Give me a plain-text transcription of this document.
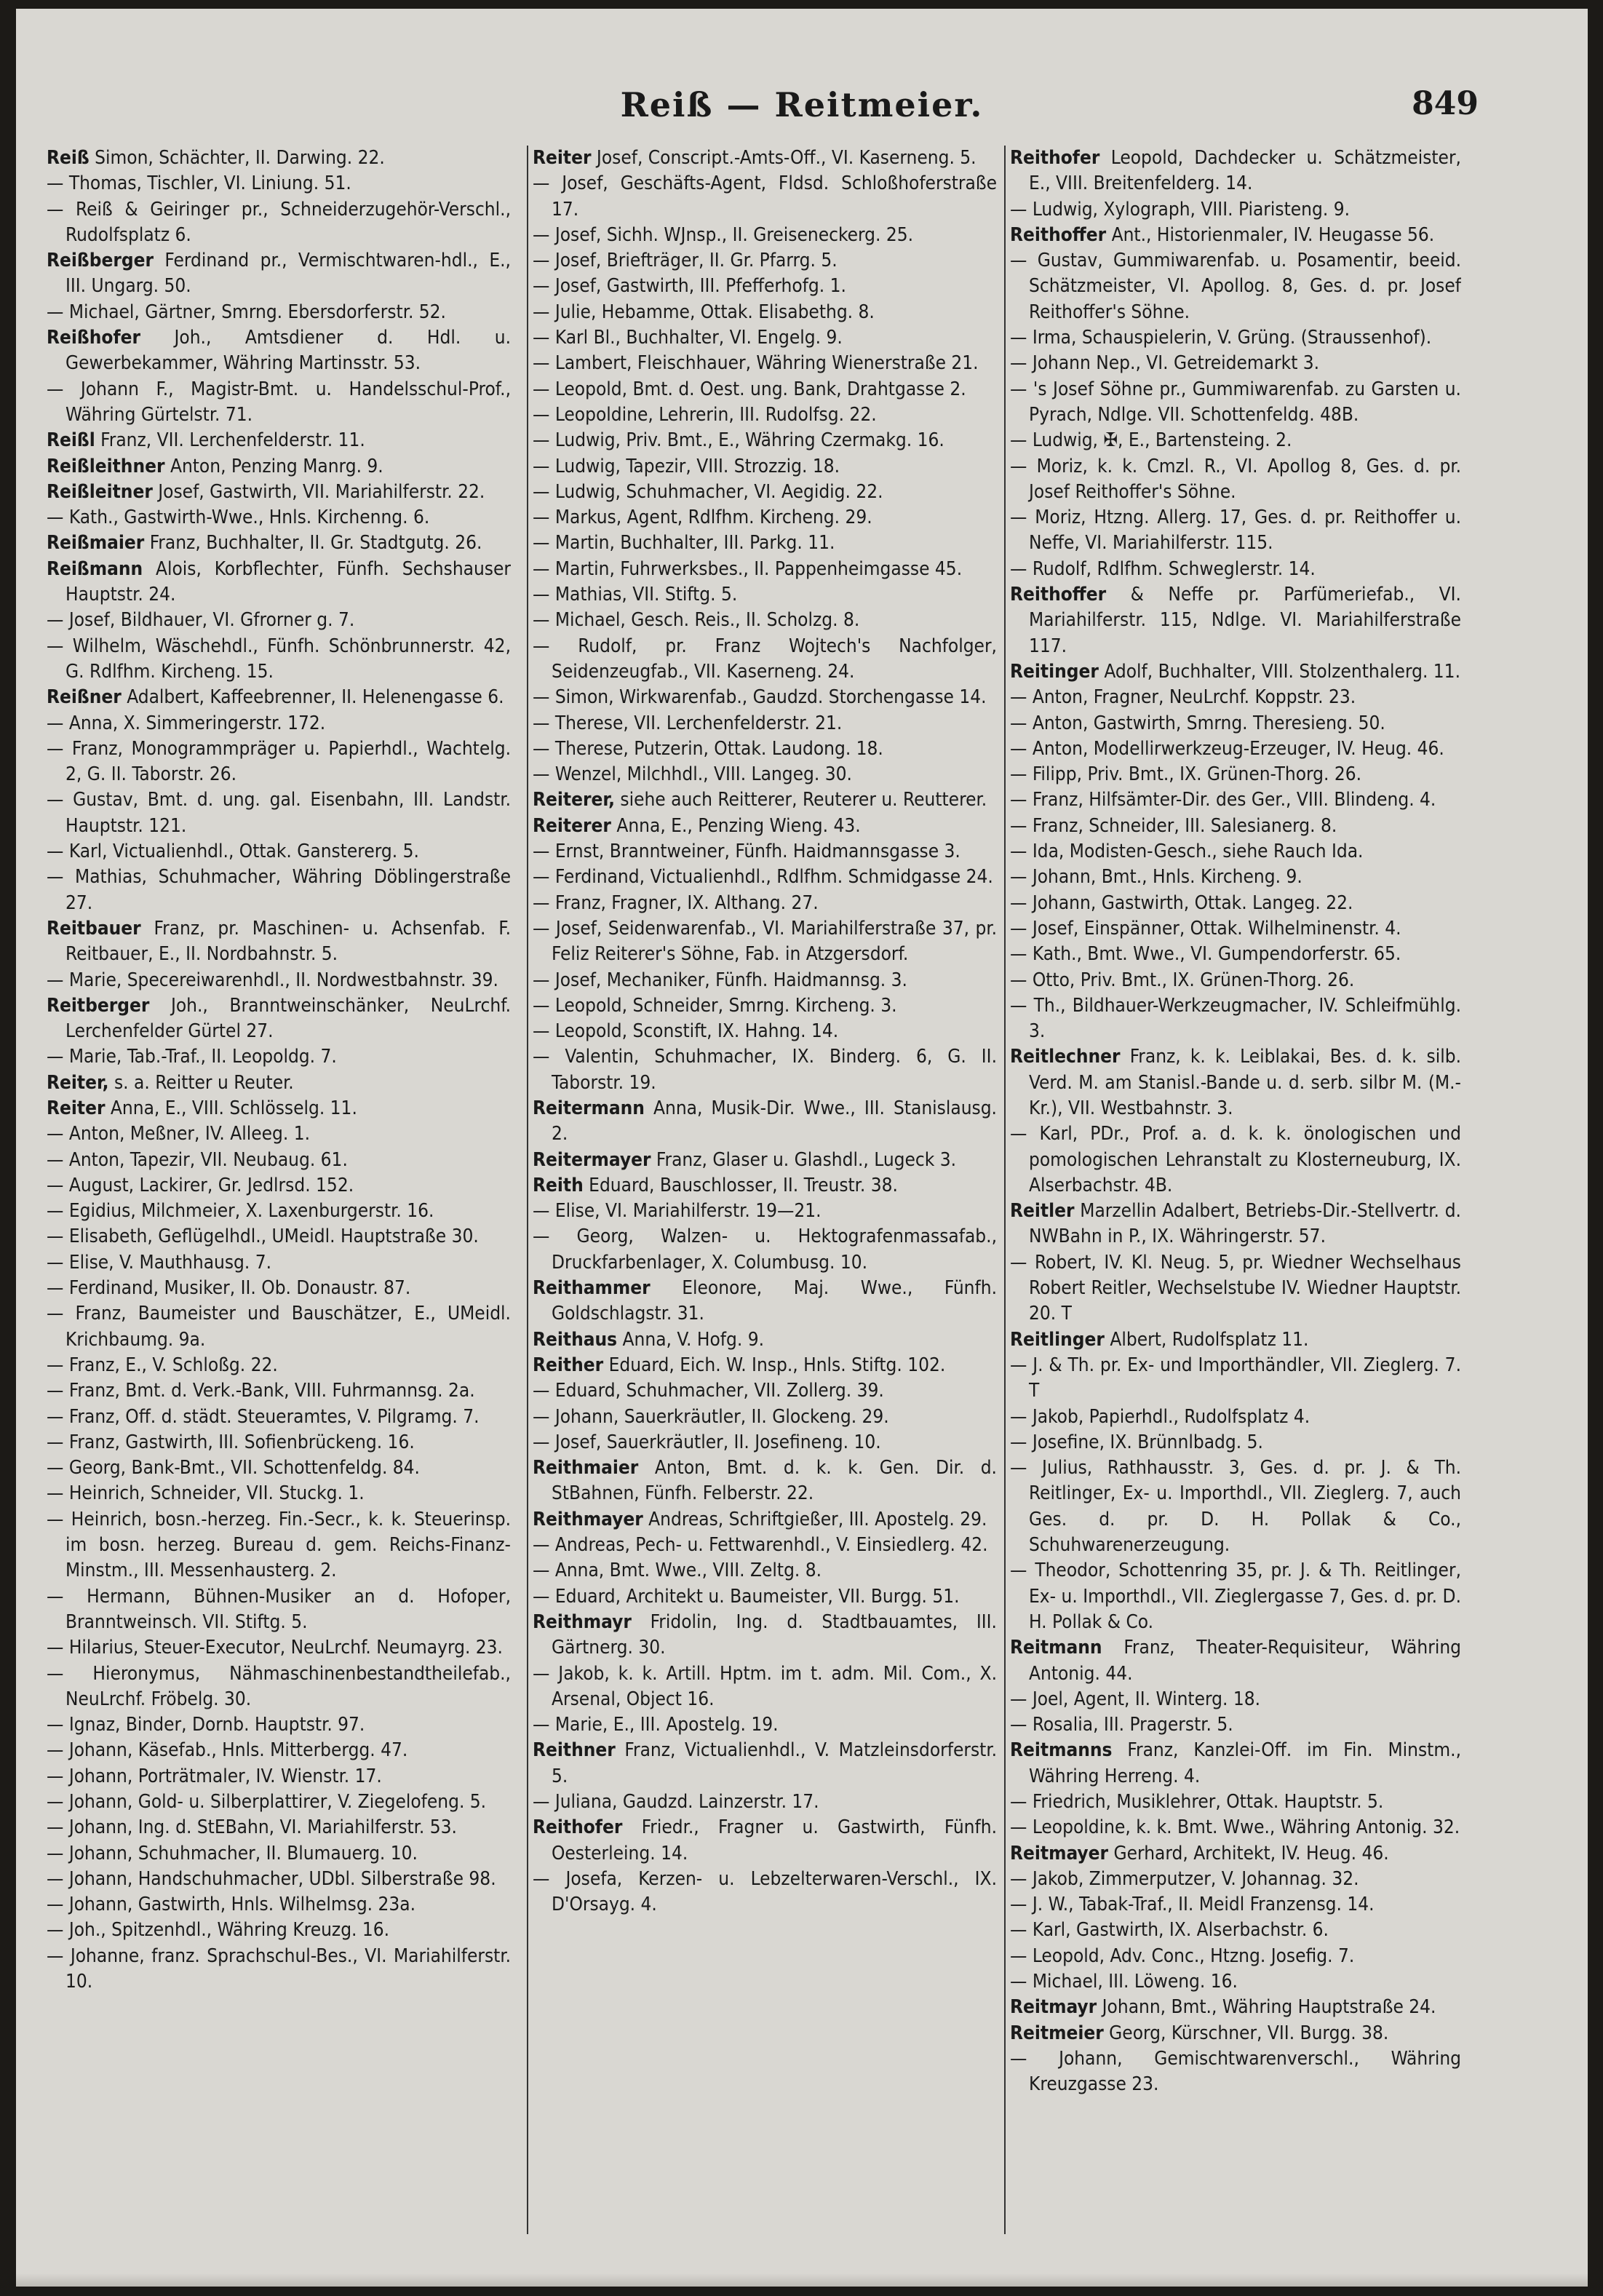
Reiß — Reitmeier.	849

Reiß Simon, Schächter, II. Darwing. 22.

— Thomas, Tischler, VI. Liniung. 51.

— Reiß & Geiringer pr., Schneiderzugehör-Verschl., Rudolfsplatz 6.

Reißberger Ferdinand pr., Vermischtwaren-hdl., E., III. Ungarg. 50.

— Michael, Gärtner, Smrng. Ebersdorferstr. 52.

Reißhofer Joh., Amtsdiener d. Hdl. u. Gewerbekammer, Währing Martinsstr. 53.

— Johann F., Magistr-Bmt. u. Handelsschul-Prof., Währing Gürtelstr. 71.

Reißl Franz, VII. Lerchenfelderstr. 11.

Reißleithner Anton, Penzing Manrg. 9.

Reißleitner Josef, Gastwirth, VII. Mariahilferstr. 22.

— Kath., Gastwirth-Wwe., Hnls. Kirchenng. 6.

Reißmaier Franz, Buchhalter, II. Gr. Stadtgutg. 26.

Reißmann Alois, Korbflechter, Fünfh. Sechshauser Hauptstr. 24.

— Josef, Bildhauer, VI. Gfrorner g. 7.

— Wilhelm, Wäschehdl., Fünfh. Schönbrunnerstr. 42, G. Rdlfhm. Kircheng. 15.

Reißner Adalbert, Kaffeebrenner, II. Helenengasse 6.

— Anna, X. Simmeringerstr. 172.

— Franz, Monogrammpräger u. Papierhdl., Wachtelg. 2, G. II. Taborstr. 26.

— Gustav, Bmt. d. ung. gal. Eisenbahn, III. Landstr. Hauptstr. 121.

— Karl, Victualienhdl., Ottak. Ganstererg. 5.

— Mathias, Schuhmacher, Währing Döblingerstraße 27.

Reitbauer Franz, pr. Maschinen- u. Achsenfab. F. Reitbauer, E., II. Nordbahnstr. 5.

— Marie, Specereiwarenhdl., II. Nordwestbahnstr. 39.

Reitberger Joh., Branntweinschänker, NeuLrchf. Lerchenfelder Gürtel 27.

— Marie, Tab.-Traf., II. Leopoldg. 7.

Reiter, s. a. Reitter u Reuter.

Reiter Anna, E., VIII. Schlösselg. 11.

— Anton, Meßner, IV. Alleeg. 1.

— Anton, Tapezir, VII. Neubaug. 61.

— August, Lackirer, Gr. Jedlrsd. 152.

— Egidius, Milchmeier, X. Laxenburgerstr. 16.

— Elisabeth, Geflügelhdl., UMeidl. Hauptstraße 30.

— Elise, V. Mauthhausg. 7.

— Ferdinand, Musiker, II. Ob. Donaustr. 87.

— Franz, Baumeister und Bauschätzer, E., UMeidl. Krichbaumg. 9a.

— Franz, E., V. Schloßg. 22.

— Franz, Bmt. d. Verk.-Bank, VIII. Fuhrmannsg. 2a.

— Franz, Off. d. städt. Steueramtes, V. Pilgramg. 7.

— Franz, Gastwirth, III. Sofienbrückeng. 16.

— Georg, Bank-Bmt., VII. Schottenfeldg. 84.

— Heinrich, Schneider, VII. Stuckg. 1.

— Heinrich, bosn.-herzeg. Fin.-Secr., k. k. Steuerinsp. im bosn. herzeg. Bureau d. gem. Reichs-Finanz-Minstm., III. Messenhausterg. 2.

— Hermann, Bühnen-Musiker an d. Hofoper, Branntweinsch. VII. Stiftg. 5.

— Hilarius, Steuer-Executor, NeuLrchf. Neumayrg. 23.

— Hieronymus, Nähmaschinenbestandtheilefab., NeuLrchf. Fröbelg. 30.

— Ignaz, Binder, Dornb. Hauptstr. 97.

— Johann, Käsefab., Hnls. Mitterbergg. 47.

— Johann, Porträtmaler, IV. Wienstr. 17.

— Johann, Gold- u. Silberplattirer, V. Ziegelofeng. 5.

— Johann, Ing. d. StEBahn, VI. Mariahilferstr. 53.

— Johann, Schuhmacher, II. Blumauerg. 10.

— Johann, Handschuhmacher, UDbl. Silberstraße 98.

— Johann, Gastwirth, Hnls. Wilhelmsg. 23a.

— Joh., Spitzenhdl., Währing Kreuzg. 16.

— Johanne, franz. Sprachschul-Bes., VI. Mariahilferstr. 10.

Reiter Josef, Conscript.-Amts-Off., VI. Kaserneng. 5.

— Josef, Geschäfts-Agent, Fldsd. Schloßhoferstraße 17.

— Josef, Sichh. WJnsp., II. Greiseneckerg. 25.

— Josef, Briefträger, II. Gr. Pfarrg. 5.

— Josef, Gastwirth, III. Pfefferhofg. 1.

— Julie, Hebamme, Ottak. Elisabethg. 8.

— Karl Bl., Buchhalter, VI. Engelg. 9.

— Lambert, Fleischhauer, Währing Wienerstraße 21.

— Leopold, Bmt. d. Oest. ung. Bank, Drahtgasse 2.

— Leopoldine, Lehrerin, III. Rudolfsg. 22.

— Ludwig, Priv. Bmt., E., Währing Czermakg. 16.

— Ludwig, Tapezir, VIII. Strozzig. 18.

— Ludwig, Schuhmacher, VI. Aegidig. 22.

— Markus, Agent, Rdlfhm. Kircheng. 29.

— Martin, Buchhalter, III. Parkg. 11.

— Martin, Fuhrwerksbes., II. Pappenheimgasse 45.

— Mathias, VII. Stiftg. 5.

— Michael, Gesch. Reis., II. Scholzg. 8.

— Rudolf, pr. Franz Wojtech's Nachfolger, Seidenzeugfab., VII. Kaserneng. 24.

— Simon, Wirkwarenfab., Gaudzd. Storchengasse 14.

— Therese, VII. Lerchenfelderstr. 21.

— Therese, Putzerin, Ottak. Laudong. 18.

— Wenzel, Milchhdl., VIII. Langeg. 30.

Reiterer, siehe auch Reitterer, Reuterer u. Reutterer.

Reiterer Anna, E., Penzing Wieng. 43.

— Ernst, Branntweiner, Fünfh. Haidmannsgasse 3.

— Ferdinand, Victualienhdl., Rdlfhm. Schmidgasse 24.

— Franz, Fragner, IX. Althang. 27.

— Josef, Seidenwarenfab., VI. Mariahilferstraße 37, pr. Feliz Reiterer's Söhne, Fab. in Atzgersdorf.

— Josef, Mechaniker, Fünfh. Haidmannsg. 3.

— Leopold, Schneider, Smrng. Kircheng. 3.

— Leopold, Sconstift, IX. Hahng. 14.

— Valentin, Schuhmacher, IX. Binderg. 6, G. II. Taborstr. 19.

Reitermann Anna, Musik-Dir. Wwe., III. Stanislausg. 2.

Reitermayer Franz, Glaser u. Glashdl., Lugeck 3.

Reith Eduard, Bauschlosser, II. Treustr. 38.

— Elise, VI. Mariahilferstr. 19—21.

— Georg, Walzen- u. Hektografenmassafab., Druckfarbenlager, X. Columbusg. 10.

Reithammer Eleonore, Maj. Wwe., Fünfh. Goldschlagstr. 31.

Reithaus Anna, V. Hofg. 9.

Reither Eduard, Eich. W. Insp., Hnls. Stiftg. 102.

— Eduard, Schuhmacher, VII. Zollerg. 39.

— Johann, Sauerkräutler, II. Glockeng. 29.

— Josef, Sauerkräutler, II. Josefineng. 10.

Reithmaier Anton, Bmt. d. k. k. Gen. Dir. d. StBahnen, Fünfh. Felberstr. 22.

Reithmayer Andreas, Schriftgießer, III. Apostelg. 29.

— Andreas, Pech- u. Fettwarenhdl., V. Einsiedlerg. 42.

— Anna, Bmt. Wwe., VIII. Zeltg. 8.

— Eduard, Architekt u. Baumeister, VII. Burgg. 51.

Reithmayr Fridolin, Ing. d. Stadtbauamtes, III. Gärtnerg. 30.

— Jakob, k. k. Artill. Hptm. im t. adm. Mil. Com., X. Arsenal, Object 16.

— Marie, E., III. Apostelg. 19.

Reithner Franz, Victualienhdl., V. Matzleinsdorferstr. 5.

— Juliana, Gaudzd. Lainzerstr. 17.

Reithofer Friedr., Fragner u. Gastwirth, Fünfh. Oesterleing. 14.

— Josefa, Kerzen- u. Lebzelterwaren-Verschl., IX. D'Orsayg. 4.

Reithofer Leopold, Dachdecker u. Schätzmeister, E., VIII. Breitenfelderg. 14.

— Ludwig, Xylograph, VIII. Piaristeng. 9.

Reithoffer Ant., Historienmaler, IV. Heugasse 56.

— Gustav, Gummiwarenfab. u. Posamentir, beeid. Schätzmeister, VI. Apollog. 8, Ges. d. pr. Josef Reithoffer's Söhne.

— Irma, Schauspielerin, V. Grüng. (Straussenhof).

— Johann Nep., VI. Getreidemarkt 3.

— 's Josef Söhne pr., Gummiwarenfab. zu Garsten u. Pyrach, Ndlge. VII. Schottenfeldg. 48B.

— Ludwig, ✠, E., Bartensteing. 2.

— Moriz, k. k. Cmzl. R., VI. Apollog 8, Ges. d. pr. Josef Reithoffer's Söhne.

— Moriz, Htzng. Allerg. 17, Ges. d. pr. Reithoffer u. Neffe, VI. Mariahilferstr. 115.

— Rudolf, Rdlfhm. Schweglerstr. 14.

Reithoffer & Neffe pr. Parfümeriefab., VI. Mariahilferstr. 115, Ndlge. VI. Mariahilferstraße 117.

Reitinger Adolf, Buchhalter, VIII. Stolzenthalerg. 11.

— Anton, Fragner, NeuLrchf. Koppstr. 23.

— Anton, Gastwirth, Smrng. Theresieng. 50.

— Anton, Modellirwerkzeug-Erzeuger, IV. Heug. 46.

— Filipp, Priv. Bmt., IX. Grünen-Thorg. 26.

— Franz, Hilfsämter-Dir. des Ger., VIII. Blindeng. 4.

— Franz, Schneider, III. Salesianerg. 8.

— Ida, Modisten-Gesch., siehe Rauch Ida.

— Johann, Bmt., Hnls. Kircheng. 9.

— Johann, Gastwirth, Ottak. Langeg. 22.

— Josef, Einspänner, Ottak. Wilhelminenstr. 4.

— Kath., Bmt. Wwe., VI. Gumpendorferstr. 65.

— Otto, Priv. Bmt., IX. Grünen-Thorg. 26.

— Th., Bildhauer-Werkzeugmacher, IV. Schleifmühlg. 3.

Reitlechner Franz, k. k. Leiblakai, Bes. d. k. silb. Verd. M. am Stanisl.-Bande u. d. serb. silbr M. (M.-Kr.), VII. Westbahnstr. 3.

— Karl, PDr., Prof. a. d. k. k. önologischen und pomologischen Lehranstalt zu Klosterneuburg, IX. Alserbachstr. 4B.

Reitler Marzellin Adalbert, Betriebs-Dir.-Stellvertr. d. NWBahn in P., IX. Währingerstr. 57.

— Robert, IV. Kl. Neug. 5, pr. Wiedner Wechselhaus Robert Reitler, Wechselstube IV. Wiedner Hauptstr. 20. T

Reitlinger Albert, Rudolfsplatz 11.

— J. & Th. pr. Ex- und Importhändler, VII. Zieglerg. 7. T

— Jakob, Papierhdl., Rudolfsplatz 4.

— Josefine, IX. Brünnlbadg. 5.

— Julius, Rathhausstr. 3, Ges. d. pr. J. & Th. Reitlinger, Ex- u. Importhdl., VII. Zieglerg. 7, auch Ges. d. pr. D. H. Pollak & Co., Schuhwarenerzeugung.

— Theodor, Schottenring 35, pr. J. & Th. Reitlinger, Ex- u. Importhdl., VII. Zieglergasse 7, Ges. d. pr. D. H. Pollak & Co.

Reitmann Franz, Theater-Requisiteur, Währing Antonig. 44.

— Joel, Agent, II. Winterg. 18.

— Rosalia, III. Pragerstr. 5.

Reitmanns Franz, Kanzlei-Off. im Fin. Minstm., Währing Herreng. 4.

— Friedrich, Musiklehrer, Ottak. Hauptstr. 5.

— Leopoldine, k. k. Bmt. Wwe., Währing Antonig. 32.

Reitmayer Gerhard, Architekt, IV. Heug. 46.

— Jakob, Zimmerputzer, V. Johannag. 32.

— J. W., Tabak-Traf., II. Meidl Franzensg. 14.

— Karl, Gastwirth, IX. Alserbachstr. 6.

— Leopold, Adv. Conc., Htzng. Josefig. 7.

— Michael, III. Löweng. 16.

Reitmayr Johann, Bmt., Währing Hauptstraße 24.

Reitmeier Georg, Kürschner, VII. Burgg. 38.

— Johann, Gemischtwarenverschl., Währing Kreuzgasse 23.
